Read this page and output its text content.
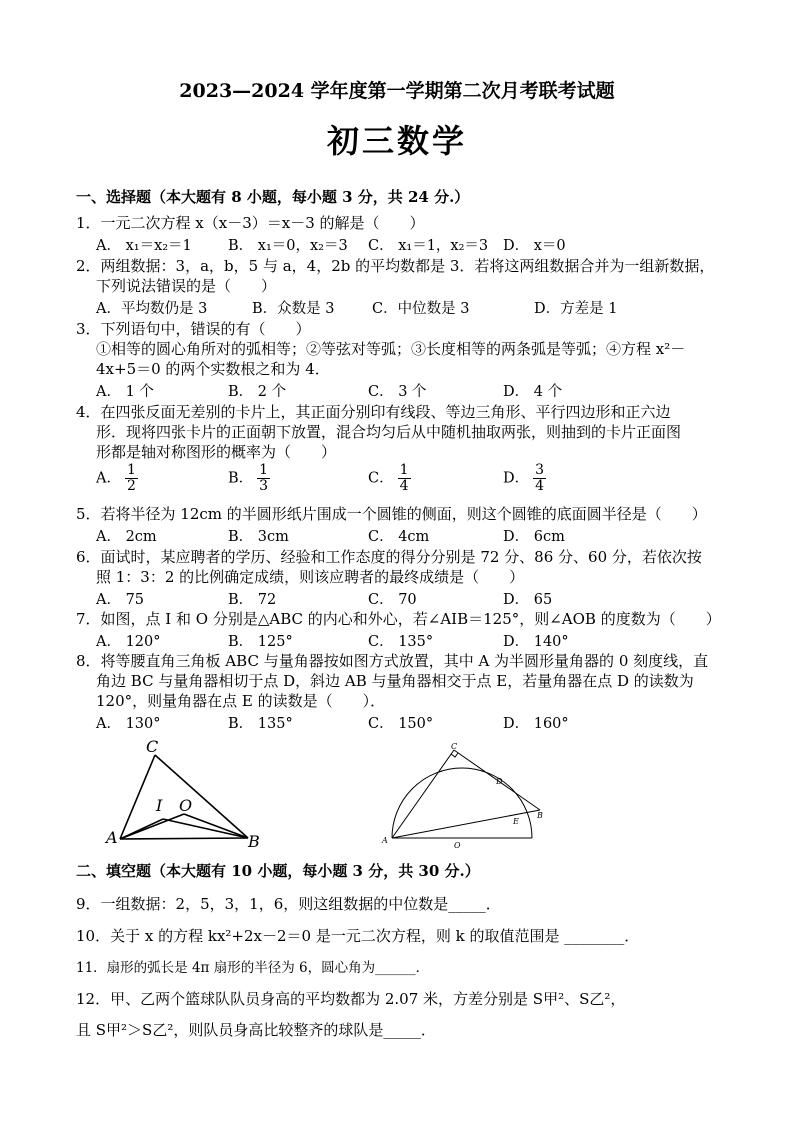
2023—2024 学年度第一学期第二次月考联考试题
初三数学
一、选择题（本大题有 8 小题，每小题 3 分，共 24 分.）
1．一元二次方程 x（x－3）＝x－3 的解是（　　）
A． x₁＝x₂＝1 B． x₁＝0，x₂＝3 C． x₁＝1，x₂＝3 D． x＝0
2．两组数据：3，a，b，5 与 a，4，2b 的平均数都是 3．若将这两组数据合并为一组新数据，
下列说法错误的是（　　）
A．平均数仍是 3	B．众数是 3	C．中位数是 3	D．方差是 1
3．下列语句中，错误的有（　　）
①相等的圆心角所对的弧相等；②等弦对等弧；③长度相等的两条弧是等弧；④方程 x²－
4x+5＝0 的两个实数根之和为 4．
A． 1 个	B． 2 个	C． 3 个	D． 4 个
4．在四张反面无差别的卡片上，其正面分别印有线段、等边三角形、平行四边形和正六边
形．现将四张卡片的正面朝下放置，混合均匀后从中随机抽取两张，则抽到的卡片正面图
形都是轴对称图形的概率为（　　）
A． $\frac{1}{2}$	B． $\frac{1}{3}$	C． $\frac{1}{4}$	D． $\frac{3}{4}$
5．若将半径为 12cm 的半圆形纸片围成一个圆锥的侧面，则这个圆锥的底面圆半径是（　　）
A． 2cm	B． 3cm	C． 4cm	D． 6cm
6．面试时，某应聘者的学历、经验和工作态度的得分分别是 72 分、86 分、60 分，若依次按
照 1：3：2 的比例确定成绩，则该应聘者的最终成绩是（　　）
A． 75	B． 72	C． 70	D． 65
7．如图，点 I 和 O 分别是△ABC 的内心和外心，若∠AIB＝125°，则∠AOB 的度数为（　　）
A． 120°	B． 125°	C． 135°	D． 140°
8．将等腰直角三角板 ABC 与量角器按如图方式放置，其中 A 为半圆形量角器的 0 刻度线，直
角边 BC 与量角器相切于点 D，斜边 AB 与量角器相交于点 E，若量角器在点 D 的读数为
120°，则量角器在点 E 的读数是（　　）．
A． 130°	B． 135°	C． 150°	D． 160°
C
A	B
I O
C
D
E
B
A
O
二、填空题（本大题有 10 小题，每小题 3 分，共 30 分.）
9．一组数据：2，5，3，1，6，则这组数据的中位数是_____．
10．关于 x 的方程 kx²+2x－2＝0 是一元二次方程，则 k 的取值范围是 ________．
11．扇形的弧长是 4π 扇形的半径为 6，圆心角为______．
12．甲、乙两个篮球队队员身高的平均数都为 2.07 米，方差分别是 S甲²、S乙²，
且 S甲²＞S乙²，则队员身高比较整齐的球队是_____．
